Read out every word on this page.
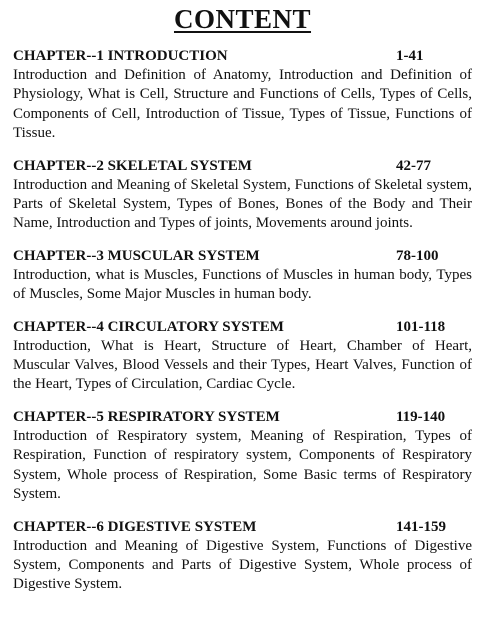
CONTENT
CHAPTER--1 INTRODUCTION	1-41

Introduction and Definition of Anatomy, Introduction and Definition of Physiology, What is Cell, Structure and Functions of Cells, Types of Cells, Components of Cell, Introduction of Tissue, Types of Tissue, Functions of Tissue.

CHAPTER--2 SKELETAL SYSTEM	42-77

Introduction and Meaning of Skeletal System, Functions of Skeletal system, Parts of Skeletal System, Types of Bones, Bones of the Body and Their Name, Introduction and Types of joints, Movements around joints.

CHAPTER--3 MUSCULAR SYSTEM	78-100

Introduction, what is Muscles, Functions of Muscles in human body, Types of Muscles, Some Major Muscles in human body.

CHAPTER--4 CIRCULATORY SYSTEM	101-118

Introduction, What is Heart, Structure of Heart, Chamber of Heart, Muscular Valves, Blood Vessels and their Types, Heart Valves, Function of the Heart, Types of Circulation, Cardiac Cycle.

CHAPTER--5 RESPIRATORY SYSTEM	119-140

Introduction of Respiratory system, Meaning of Respiration, Types of Respiration, Function of respiratory system, Components of Respiratory System, Whole process of Respiration, Some Basic terms of Respiratory System.

CHAPTER--6 DIGESTIVE SYSTEM	141-159

Introduction and Meaning of Digestive System, Functions of Digestive System, Components and Parts of Digestive System, Whole process of Digestive System.
